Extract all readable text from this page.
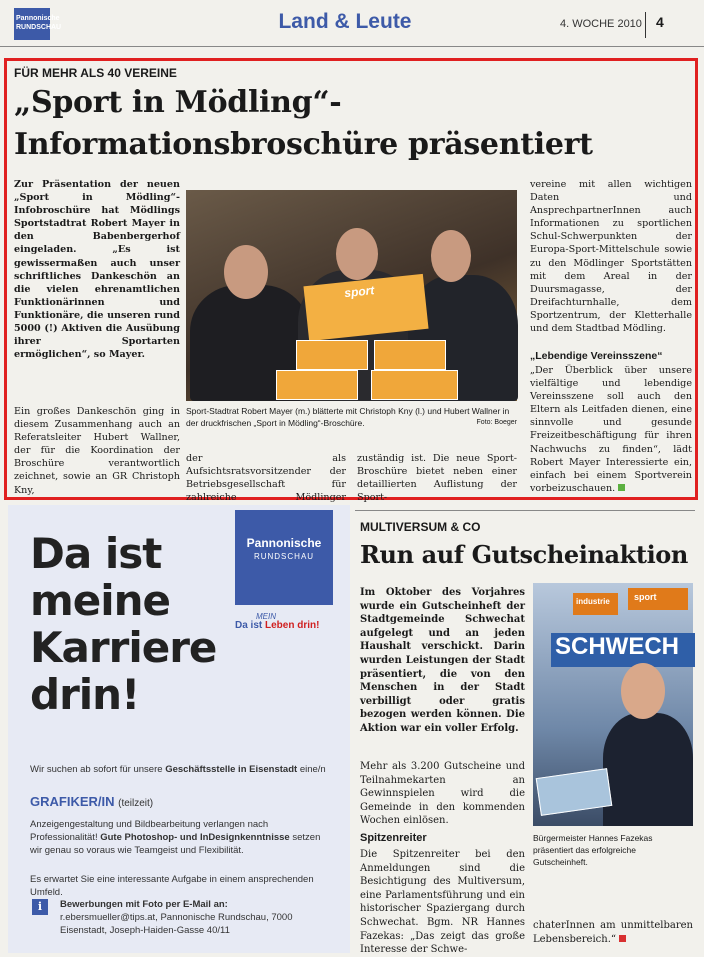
Pannonische
RUNDSCHAU	Land & Leute	4. WOCHE 2010 4
FÜR MEHR ALS 40 VEREINE
„Sport in Mödling“-
Informationsbroschüre präsentiert
Zur Präsentation der neuen „Sport in Mödling“-Infobroschüre hat Mödlings Sportstadtrat Robert Mayer in den Babenbergerhof eingeladen. „Es ist gewissermaßen auch unser schriftliches Dankeschön an die vielen ehrenamtlichen Funktionärinnen und Funktionäre, die unseren rund 5000 (!) Aktiven die Ausübung ihrer Sportarten ermöglichen“, so Mayer.
Ein großes Dankeschön ging in diesem Zusammenhang auch an Referatsleiter Hubert Wallner, der für die Koordination der Broschüre verantwortlich zeichnet, sowie an GR Christoph Kny,
sport
Sport-Stadtrat Robert Mayer (m.) blätterte mit Christoph Kny (l.) und Hubert Wallner in der druckfrischen „Sport in Mödling“-Broschüre.	Foto: Boeger
der als Aufsichtsratsvorsitzender der Betriebsgesellschaft für zahlreiche Mödlinger
zuständig ist. Die neue Sport-Broschüre bietet neben einer detaillierten Auflistung der Sport-
vereine mit allen wichtigen Daten und AnsprechpartnerInnen auch Informationen zu sportlichen Schul-Schwerpunkten der Europa-Sport-Mittelschule sowie zu den Mödlinger Sportstätten mit dem Areal in der Duursmagasse, der Dreifachturnhalle, dem Sportzentrum, der Kletterhalle und dem Stadtbad Mödling.
„Lebendige Vereinsszene“
„Der Überblick über unsere vielfältige und lebendige Vereinsszene soll auch den Eltern als Leitfaden dienen, eine sinnvolle und gesunde Freizeitbeschäftigung für ihren Nachwuchs zu finden“, lädt Robert Mayer Interessierte ein, einfach bei einem Sportverein vorbeizuschauen.
Da ist
meine
Karriere
drin!
Pannonische
RUNDSCHAU
MEIN
Da ist Leben drin!
Wir suchen ab sofort für unsere Geschäftsstelle in Eisenstadt eine/n
GRAFIKER/IN (teilzeit)
Anzeigengestaltung und Bildbearbeitung verlangen nach Professionalität! Gute Photoshop- und InDesignkenntnisse setzen wir genau so voraus wie Teamgeist und Flexibilität.
Es erwartet Sie eine interessante Aufgabe in einem ansprechenden Umfeld.
i	Bewerbungen mit Foto per E-Mail an:
r.ebersmueller@tips.at, Pannonische Rundschau, 7000 Eisenstadt, Joseph-Haiden-Gasse 40/11
MULTIVERSUM & CO
Run auf Gutscheinaktion
Im Oktober des Vorjahres wurde ein Gutscheinheft der Stadtgemeinde Schwechat aufgelegt und an jeden Haushalt verschickt. Darin wurden Leistungen der Stadt präsentiert, die von den Menschen in der Stadt verbilligt oder gratis bezogen werden können. Die Aktion war ein voller Erfolg.
Mehr als 3.200 Gutscheine und Teilnahmekarten an Gewinnspielen wird die Gemeinde in den kommenden Wochen einlösen.
Spitzenreiter
Die Spitzenreiter bei den Anmeldungen sind die Besichtigung des Multiversum, eine Parlamentsführung und ein historischer Spaziergang durch Schwechat. Bgm. NR Hannes Fazekas: „Das zeigt das große Interesse der Schwe-
industrie	sport
SCHWECH
Bürgermeister Hannes Fazekas präsentiert das erfolgreiche Gutscheinheft.
chaterInnen am unmittelbaren Lebensbereich.“
